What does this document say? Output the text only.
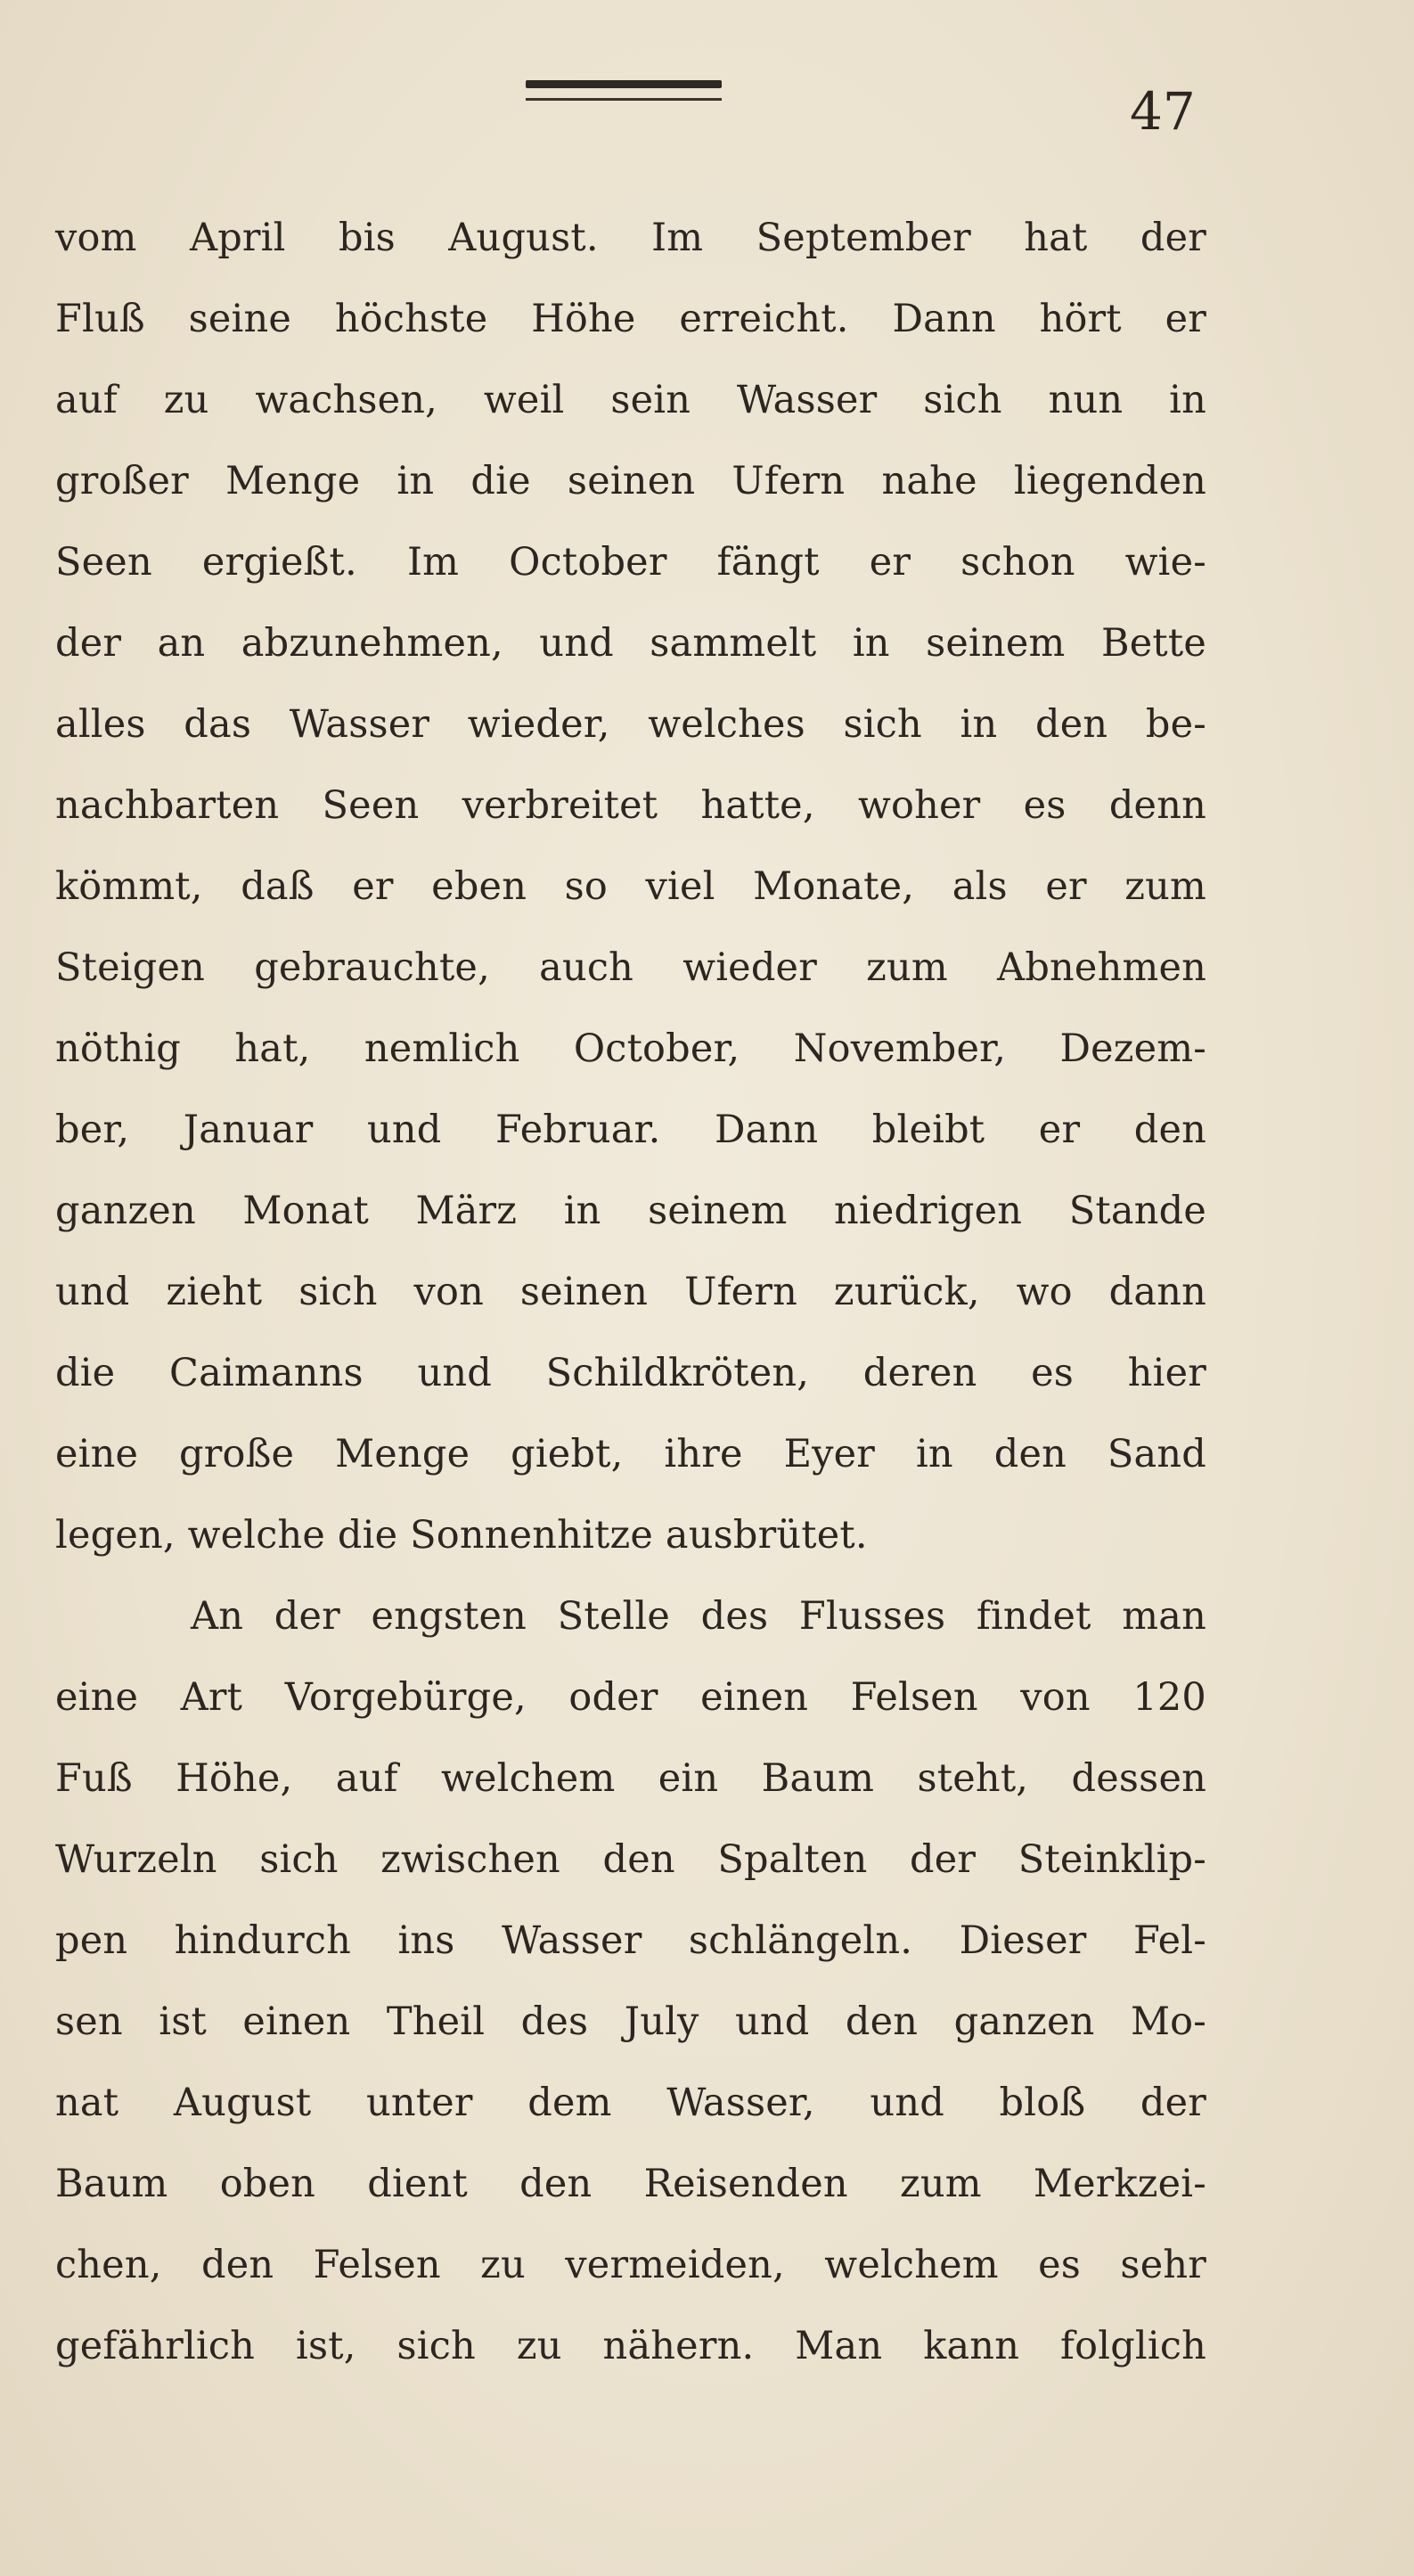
47
vom April bis August. Im September hat der
Fluß seine höchste Höhe erreicht. Dann hört er
auf zu wachsen, weil sein Wasser sich nun in
großer Menge in die seinen Ufern nahe liegenden
Seen ergießt. Im October fängt er schon wie-
der an abzunehmen, und sammelt in seinem Bette
alles das Wasser wieder, welches sich in den be-
nachbarten Seen verbreitet hatte, woher es denn
kömmt, daß er eben so viel Monate, als er zum
Steigen gebrauchte, auch wieder zum Abnehmen
nöthig hat, nemlich October, November, Dezem-
ber, Januar und Februar. Dann bleibt er den
ganzen Monat März in seinem niedrigen Stande
und zieht sich von seinen Ufern zurück, wo dann
die Caimanns und Schildkröten, deren es hier
eine große Menge giebt, ihre Eyer in den Sand
legen, welche die Sonnenhitze ausbrütet.
An der engsten Stelle des Flusses findet man
eine Art Vorgebürge, oder einen Felsen von 120
Fuß Höhe, auf welchem ein Baum steht, dessen
Wurzeln sich zwischen den Spalten der Steinklip-
pen hindurch ins Wasser schlängeln. Dieser Fel-
sen ist einen Theil des July und den ganzen Mo-
nat August unter dem Wasser, und bloß der
Baum oben dient den Reisenden zum Merkzei-
chen, den Felsen zu vermeiden, welchem es sehr
gefährlich ist, sich zu nähern. Man kann folglich
